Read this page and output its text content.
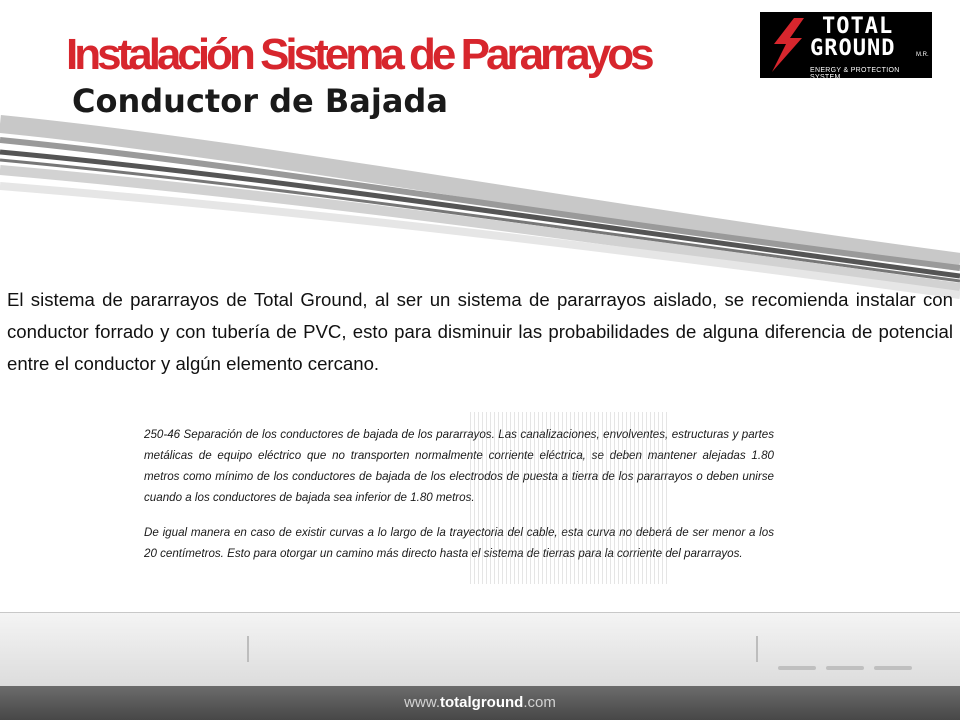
Instalación Sistema de Pararrayos
Conductor de Bajada
TOTAL
GROUND	M.R.
ENERGY & PROTECTION SYSTEM

El sistema de pararrayos de Total Ground, al ser un sistema de pararrayos aislado, se recomienda instalar con conductor forrado y con tubería de PVC, esto para disminuir las probabilidades de alguna diferencia de potencial entre el conductor y algún elemento cercano.

250-46 Separación de los conductores de bajada de los pararrayos. Las canalizaciones, envolventes, estructuras y partes metálicas de equipo eléctrico que no transporten normalmente corriente eléctrica, se deben mantener alejadas 1.80 metros como mínimo de los conductores de bajada de los electrodos de puesta a tierra de los pararrayos o deben unirse cuando a los conductores de bajada sea inferior de 1.80 metros.

De igual manera en caso de existir curvas a lo largo de la trayectoria del cable, esta curva no deberá de ser menor a los 20 centímetros. Esto para otorgar un camino más directo hasta el sistema de tierras para la corriente del pararrayos.

www.totalground.com
